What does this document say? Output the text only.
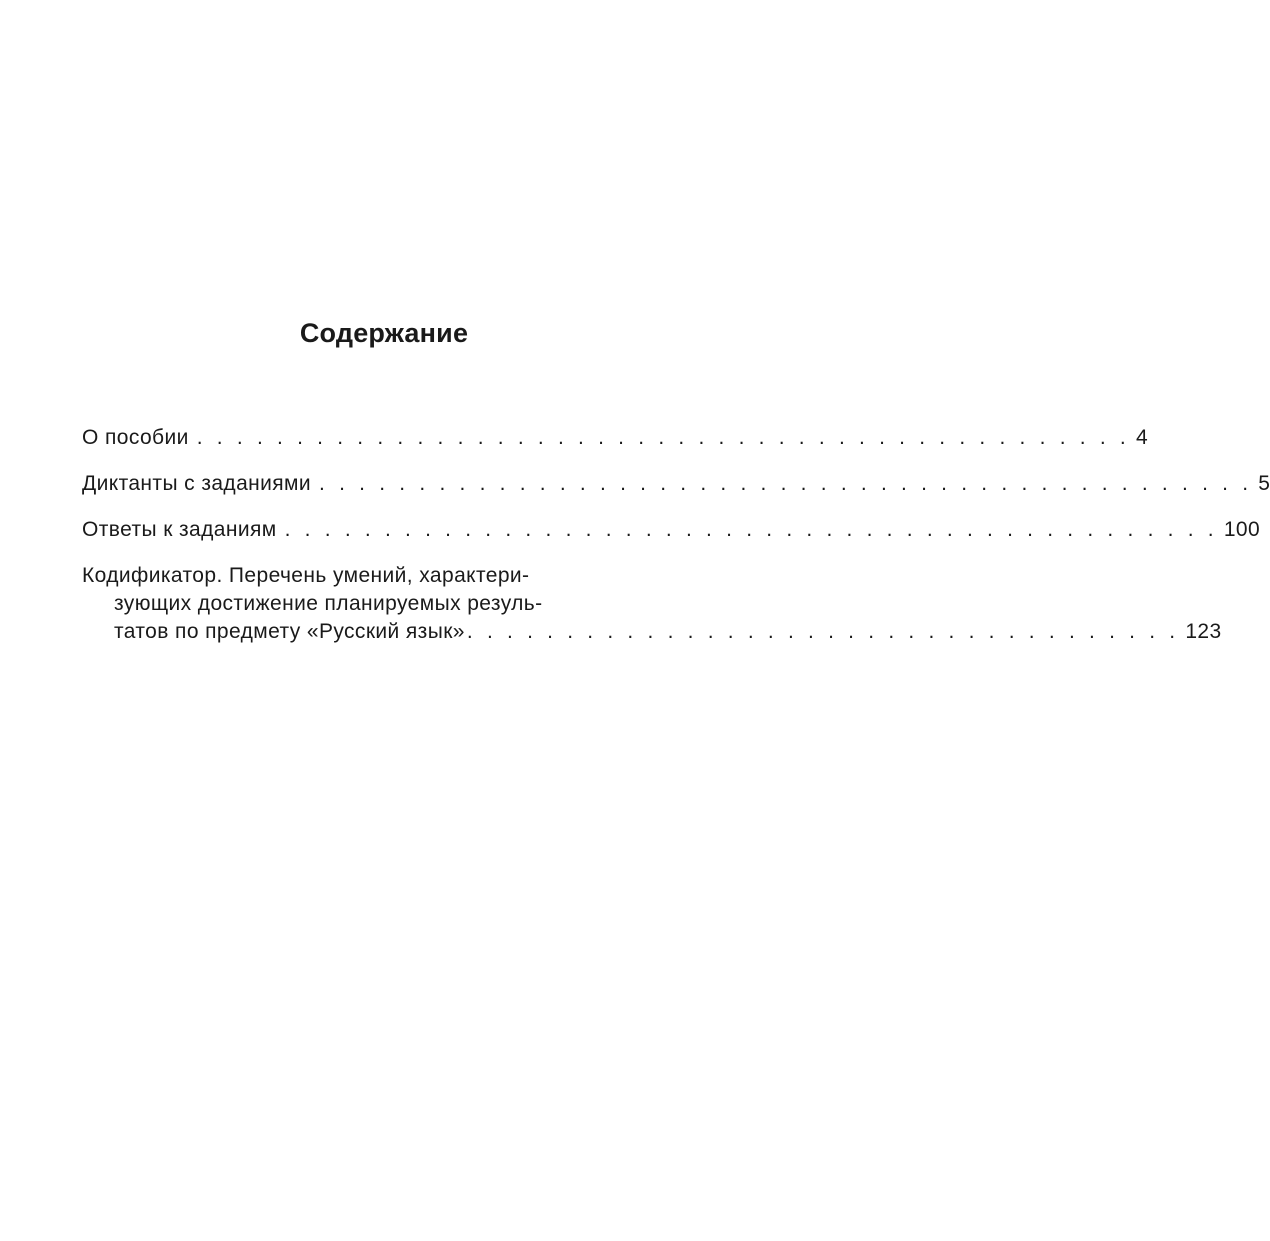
Содержание
О пособии . . . . . . . . . . . . . . . . . . . . . . . . . . . . . . . . . . . . . . . . . . . . . . . 4
Диктанты с заданиями . . . . . . . . . . . . . . . . . . . . . . . . . . . . . . . . . . . . . . . . . . . . . . . 5
Ответы к заданиям . . . . . . . . . . . . . . . . . . . . . . . . . . . . . . . . . . . . . . . . . . . . . . . 100
Кодификатор. Перечень умений, характери-
зующих достижение планируемых резуль-
татов по предмету «Русский язык» . . . . . . . . . . . . . . . . . . . . . . . . . . . . . . . . . . . . 123
